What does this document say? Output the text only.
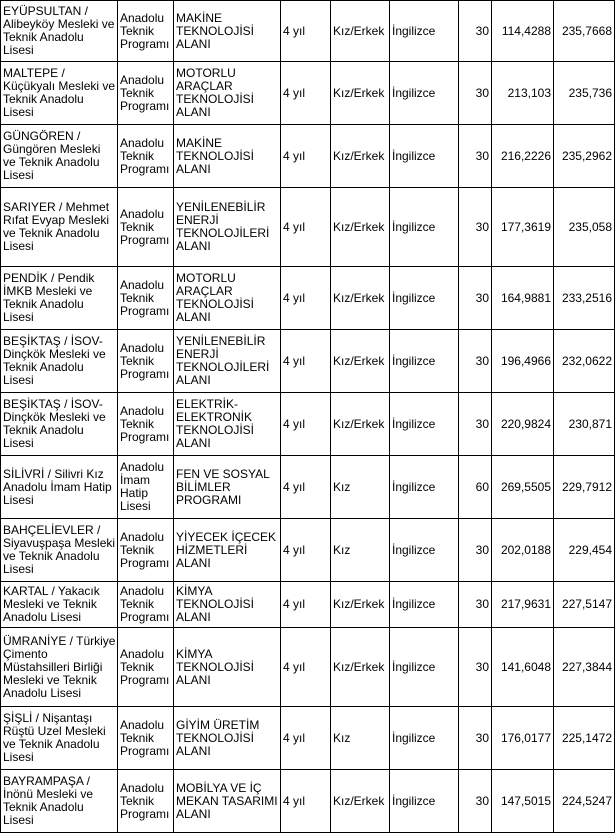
EYÜPSULTAN / Alibeyköy Mesleki ve Teknik Anadolu Lisesi	Anadolu Teknik Programı	MAKİNE TEKNOLOJİSİ ALANI	4 yıl	Kız/Erkek	İngilizce	30	114,4288	235,7668
MALTEPE / Küçükyalı Mesleki ve Teknik Anadolu Lisesi	Anadolu Teknik Programı	MOTORLU ARAÇLAR TEKNOLOJİSİ ALANI	4 yıl	Kız/Erkek	İngilizce	30	213,103	235,736
GÜNGÖREN / Güngören Mesleki ve Teknik Anadolu Lisesi	Anadolu Teknik Programı	MAKİNE TEKNOLOJİSİ ALANI	4 yıl	Kız/Erkek	İngilizce	30	216,2226	235,2962
SARIYER / Mehmet Rıfat Evyap Mesleki ve Teknik Anadolu Lisesi	Anadolu Teknik Programı	YENİLENEBİLİR ENERJİ TEKNOLOJİLERİ ALANI	4 yıl	Kız/Erkek	İngilizce	30	177,3619	235,058
PENDİK / Pendik İMKB Mesleki ve Teknik Anadolu Lisesi	Anadolu Teknik Programı	MOTORLU ARAÇLAR TEKNOLOJİSİ ALANI	4 yıl	Kız/Erkek	İngilizce	30	164,9881	233,2516
BEŞİKTAŞ / İSOV-Dinçkök Mesleki ve Teknik Anadolu Lisesi	Anadolu Teknik Programı	YENİLENEBİLİR ENERJİ TEKNOLOJİLERİ ALANI	4 yıl	Kız/Erkek	İngilizce	30	196,4966	232,0622
BEŞİKTAŞ / İSOV-Dinçkök Mesleki ve Teknik Anadolu Lisesi	Anadolu Teknik Programı	ELEKTRİK-ELEKTRONİK TEKNOLOJİSİ ALANI	4 yıl	Kız/Erkek	İngilizce	30	220,9824	230,871
SİLİVRİ / Silivri Kız Anadolu İmam Hatip Lisesi	Anadolu İmam Hatip Lisesi	FEN VE SOSYAL BİLİMLER PROGRAMI	4 yıl	Kız	İngilizce	60	269,5505	229,7912
BAHÇELİEVLER / Siyavuşpaşa Mesleki ve Teknik Anadolu Lisesi	Anadolu Teknik Programı	YİYECEK İÇECEK HİZMETLERİ ALANI	4 yıl	Kız	İngilizce	30	202,0188	229,454
KARTAL / Yakacık Mesleki ve Teknik Anadolu Lisesi	Anadolu Teknik Programı	KİMYA TEKNOLOJİSİ ALANI	4 yıl	Kız/Erkek	İngilizce	30	217,9631	227,5147
ÜMRANİYE / Türkiye Çimento Müstahsilleri Birliği Mesleki ve Teknik Anadolu Lisesi	Anadolu Teknik Programı	KİMYA TEKNOLOJİSİ ALANI	4 yıl	Kız/Erkek	İngilizce	30	141,6048	227,3844
ŞİŞLİ / Nişantaşı Rüştü Uzel Mesleki ve Teknik Anadolu Lisesi	Anadolu Teknik Programı	GİYİM ÜRETİM TEKNOLOJİSİ ALANI	4 yıl	Kız	İngilizce	30	176,0177	225,1472
BAYRAMPAŞA / İnönü Mesleki ve Teknik Anadolu Lisesi	Anadolu Teknik Programı	MOBİLYA VE İÇ MEKAN TASARIMI ALANI	4 yıl	Kız/Erkek	İngilizce	30	147,5015	224,5247
